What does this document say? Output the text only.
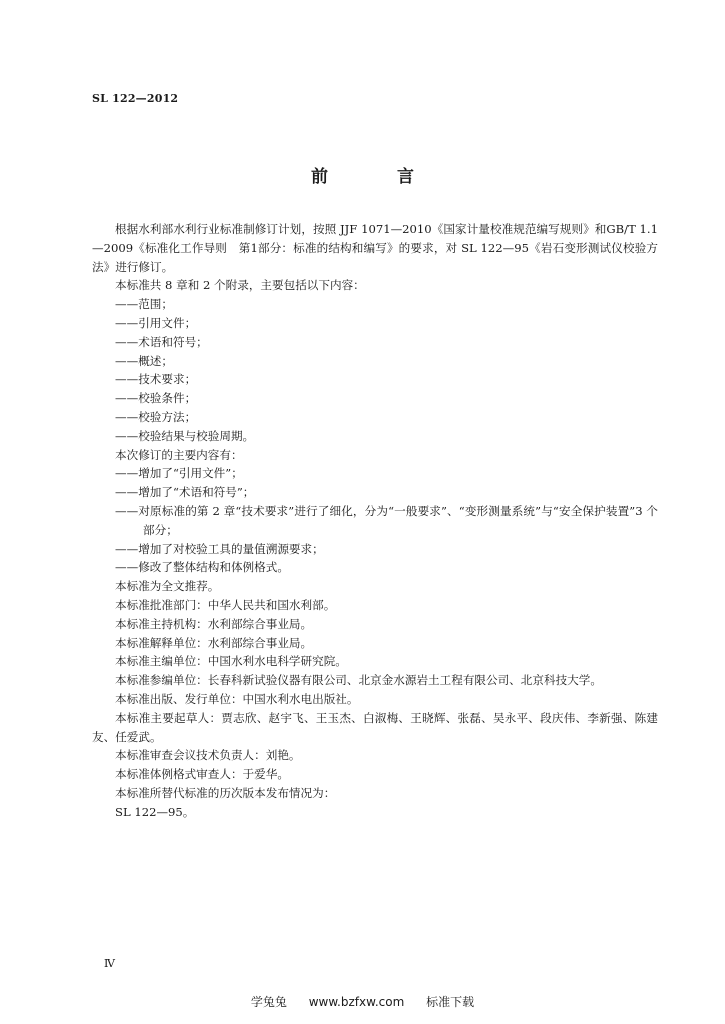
SL 122—2012
前　言
根据水利部水利行业标准制修订计划，按照 JJF 1071—2010《国家计量校准规范编写规则》和GB/T 1.1—2009《标准化工作导则　第1部分：标准的结构和编写》的要求，对 SL 122—95《岩石变形测试仪校验方法》进行修订。
本标准共 8 章和 2 个附录，主要包括以下内容：
——范围；
——引用文件；
——术语和符号；
——概述；
——技术要求；
——校验条件；
——校验方法；
——校验结果与校验周期。
本次修订的主要内容有：
——增加了“引用文件”；
——增加了“术语和符号”；
——对原标准的第 2 章“技术要求”进行了细化，分为“一般要求”、“变形测量系统”与“安全保护装置”3 个部分；
——增加了对校验工具的量值溯源要求；
——修改了整体结构和体例格式。
本标准为全文推荐。
本标准批准部门：中华人民共和国水利部。
本标准主持机构：水利部综合事业局。
本标准解释单位：水利部综合事业局。
本标准主编单位：中国水利水电科学研究院。
本标准参编单位：长春科新试验仪器有限公司、北京金水源岩土工程有限公司、北京科技大学。
本标准出版、发行单位：中国水利水电出版社。
本标准主要起草人：贾志欣、赵宇飞、王玉杰、白淑梅、王晓辉、张磊、吴永平、段庆伟、李新强、陈建友、任爱武。
本标准审查会议技术负责人：刘艳。
本标准体例格式审查人：于爱华。
本标准所替代标准的历次版本发布情况为：
SL 122—95。
Ⅳ
学兔兔 www.bzfxw.com 标准下载
